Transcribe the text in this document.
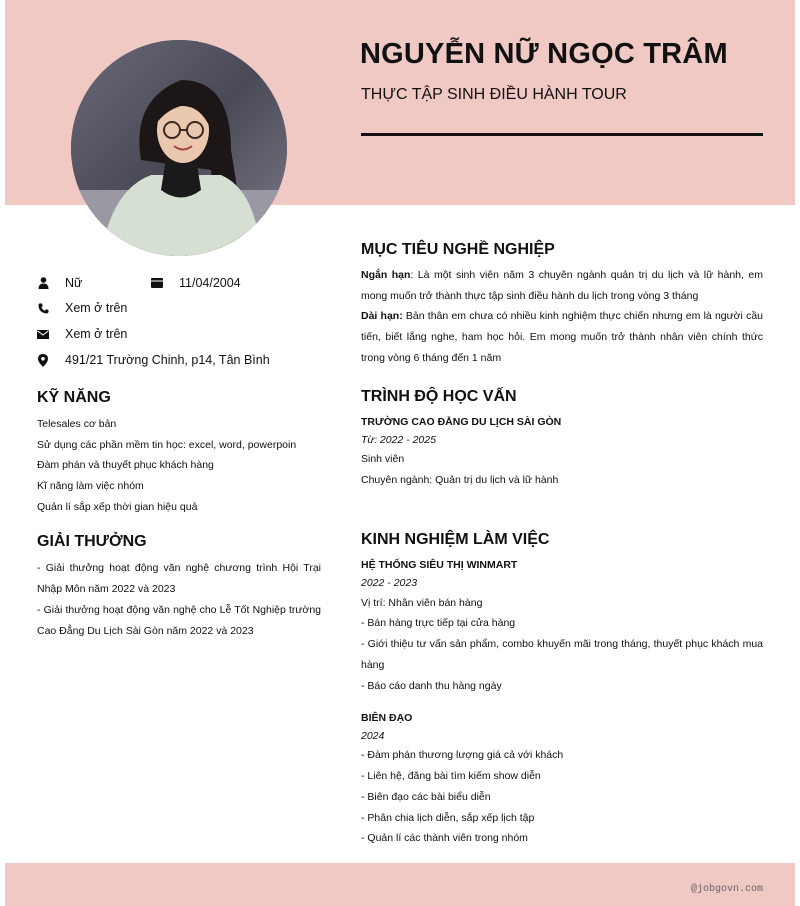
NGUYỄN NỮ NGỌC TRÂM
THỰC TẬP SINH ĐIỀU HÀNH TOUR
Nữ	11/04/2004
Xem ở trên
Xem ở trên
491/21 Trường Chinh, p14, Tân Bình
KỸ NĂNG
Telesales cơ bản
Sử dụng các phần mềm tin học: excel, word, powerpoin
Đàm phán và thuyết phục khách hàng
Kĩ năng làm việc nhóm
Quản lí sắp xếp thời gian hiệu quả
GIẢI THƯỞNG
- Giải thưởng hoạt động văn nghệ chương trình Hội Trại Nhập Môn năm 2022 và 2023
- Giải thưởng hoạt động văn nghệ cho Lễ Tốt Nghiệp trường Cao Đẳng Du Lịch Sài Gòn năm 2022 và 2023
MỤC TIÊU NGHỀ NGHIỆP
Ngắn hạn: Là một sinh viên năm 3 chuyên ngành quản trị du lịch và lữ hành, em mong muốn trở thành thực tập sinh điều hành du lịch trong vòng 3 tháng
Dài hạn: Bản thân em chưa có nhiều kinh nghiệm thực chiến nhưng em là người cầu tiến, biết lắng nghe, ham học hỏi. Em mong muốn trở thành nhân viên chính thức trong vòng 6 tháng đến 1 năm
TRÌNH ĐỘ HỌC VẤN
TRƯỜNG CAO ĐẲNG DU LỊCH SÀI GÒN
Từ: 2022 - 2025
Sinh viên
Chuyên ngành: Quản trị du lịch và lữ hành
KINH NGHIỆM LÀM VIỆC
HỆ THỐNG SIÊU THỊ WINMART
2022 - 2023
Vị trí: Nhân viên bán hàng
- Bán hàng trực tiếp tại cửa hàng
- Giới thiệu tư vấn sản phẩm, combo khuyến mãi trong tháng, thuyết phục khách mua hàng
- Báo cáo danh thu hàng ngày
BIÊN ĐẠO
2024
- Đàm phán thương lượng giá cả với khách
- Liên hệ, đăng bài tìm kiếm show diễn
- Biên đạo các bài biểu diễn
- Phân chia lịch diễn, sắp xếp lịch tập
- Quản lí các thành viên trong nhóm
@jobgovn.com
